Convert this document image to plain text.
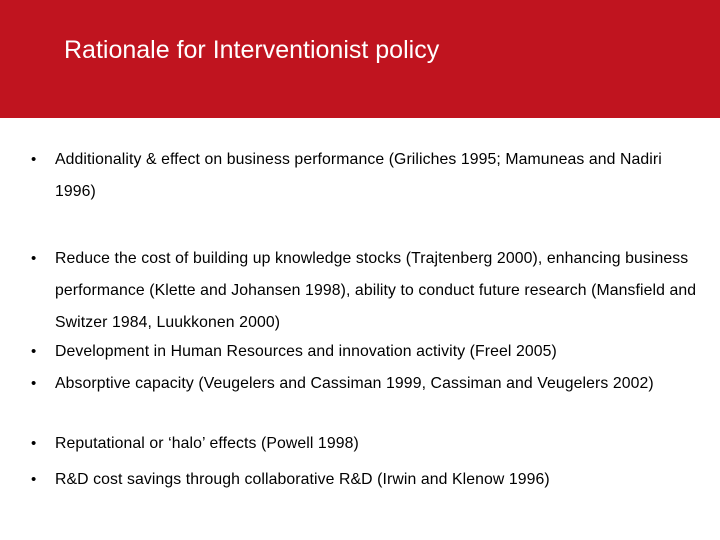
Rationale for Interventionist policy
• Additionality & effect on business performance (Griliches 1995; Mamuneas and Nadiri 1996)

• Reduce the cost of building up knowledge stocks (Trajtenberg 2000), enhancing business performance (Klette and Johansen 1998), ability to conduct future research (Mansfield and Switzer 1984, Luukkonen 2000)

• Development in Human Resources and innovation activity (Freel 2005)

• Absorptive capacity (Veugelers and Cassiman 1999, Cassiman and Veugelers 2002)

• Reputational or ‘halo’ effects (Powell 1998)

• R&D cost savings through collaborative R&D (Irwin and Klenow 1996)
